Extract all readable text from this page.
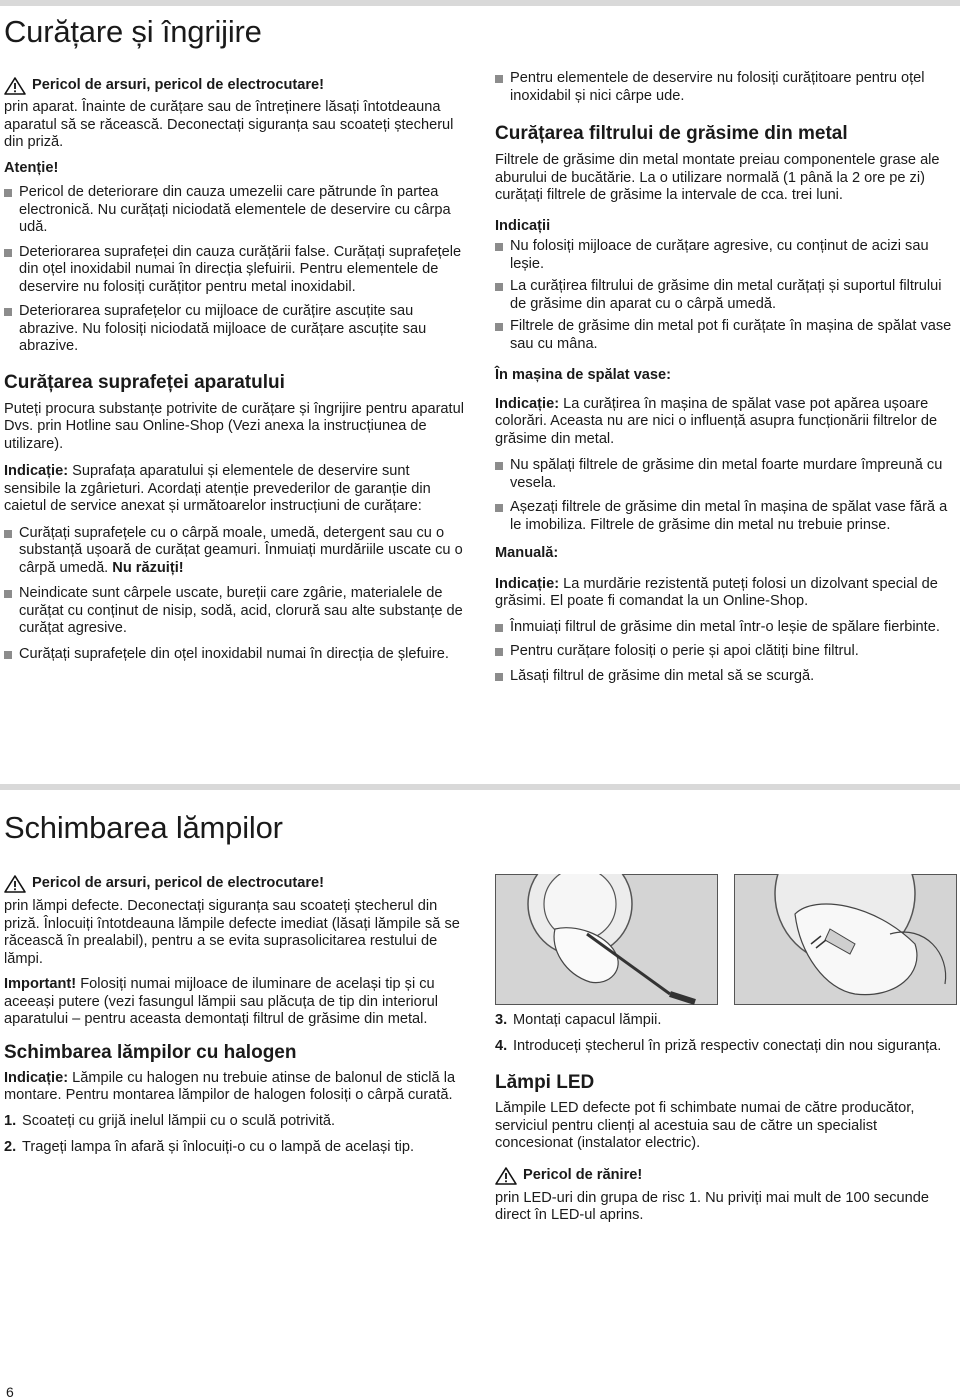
Curățare și îngrijire
Pericol de arsuri, pericol de electrocutare!

prin aparat. Înainte de curățare sau de întreținere lăsați întotdeauna aparatul să se răcească. Deconectați siguranța sau scoateți ștecherul din priză.

Atenție!

Pericol de deteriorare din cauza umezelii care pătrunde în partea electronică. Nu curățați niciodată elementele de deservire cu cârpa udă.
Deteriorarea suprafeței din cauza curățării false. Curățați suprafețele din oțel inoxidabil numai în direcția șlefuirii. Pentru elementele de deservire nu folosiți curățitor pentru metal inoxidabil.
Deteriorarea suprafețelor cu mijloace de curățire ascuțite sau abrazive. Nu folosiți niciodată mijloace de curățare ascuțite sau abrazive.
Curățarea suprafeței aparatului

Puteți procura substanțe potrivite de curățare și îngrijire pentru aparatul Dvs. prin Hotline sau Online-Shop (Vezi anexa la instrucțiunea de utilizare).

Indicație: Suprafața aparatului și elementele de deservire sunt sensibile la zgârieturi. Acordați atenție prevederilor de garanție din caietul de service anexat și următoarelor instrucțiuni de curățare:

Curățați suprafețele cu o cârpă moale, umedă, detergent sau cu o substanță ușoară de curățat geamuri. Înmuiați murdăriile uscate cu o cârpă umedă. Nu răzuiți!
Neindicate sunt cârpele uscate, bureții care zgârie, materialele de curățat cu conținut de nisip, sodă, acid, clorură sau alte substanțe de curățat agresive.
Curățați suprafețele din oțel inoxidabil numai în direcția de șlefuire.
Pentru elementele de deservire nu folosiți curățitoare pentru oțel inoxidabil și nici cârpe ude.
Curățarea filtrului de grăsime din metal

Filtrele de grăsime din metal montate preiau componentele grase ale aburului de bucătărie. La o utilizare normală (1 până la 2 ore pe zi) curățați filtrele de grăsime la intervale de cca. trei luni.

Indicații

Nu folosiți mijloace de curățare agresive, cu conținut de acizi sau leșie.
La curățirea filtrului de grăsime din metal curățați și suportul filtrului de grăsime din aparat cu o cârpă umedă.
Filtrele de grăsime din metal pot fi curățate în mașina de spălat vase sau cu mâna.

În mașina de spălat vase:

Indicație: La curățirea în mașina de spălat vase pot apărea ușoare colorări. Aceasta nu are nici o influență asupra funcționării filtrelor de grăsime din metal.

Nu spălați filtrele de grăsime din metal foarte murdare împreună cu vesela.
Așezați filtrele de grăsime din metal în mașina de spălat vase fără a le imobiliza. Filtrele de grăsime din metal nu trebuie prinse.

Manuală:

Indicație: La murdărie rezistentă puteți folosi un dizolvant special de grăsimi. El poate fi comandat la un Online-Shop.

Înmuiați filtrul de grăsime din metal într-o leșie de spălare fierbinte.
Pentru curățare folosiți o perie și apoi clătiți bine filtrul.
Lăsați filtrul de grăsime din metal să se scurgă.
Schimbarea lămpilor
Pericol de arsuri, pericol de electrocutare!

prin lămpi defecte. Deconectați siguranța sau scoateți ștecherul din priză. Înlocuiți întotdeauna lămpile defecte imediat (lăsați lămpile să se răcească în prealabil), pentru a se evita suprasolicitarea restului de lămpi.

Important! Folosiți numai mijloace de iluminare de același tip și cu aceeași putere (vezi fasungul lămpii sau plăcuța de tip din interiorul aparatului – pentru aceasta demontați filtrul de grăsime din metal.

Schimbarea lămpilor cu halogen

Indicație: Lămpile cu halogen nu trebuie atinse de balonul de sticlă la montare. Pentru montarea lămpilor de halogen folosiți o cârpă curată.

1. Scoateți cu grijă inelul lămpii cu o sculă potrivită.
2. Trageți lampa în afară și înlocuiți-o cu o lampă de același tip.
3. Montați capacul lămpii.
4. Introduceți ștecherul în priză respectiv conectați din nou siguranța.
Lămpi LED

Lămpile LED defecte pot fi schimbate numai de către producător, serviciul pentru clienți al acestuia sau de către un specialist concesionat (instalator electric).

Pericol de rănire!

prin LED-uri din grupa de risc 1. Nu priviți mai mult de 100 secunde direct în LED-ul aprins.

6
